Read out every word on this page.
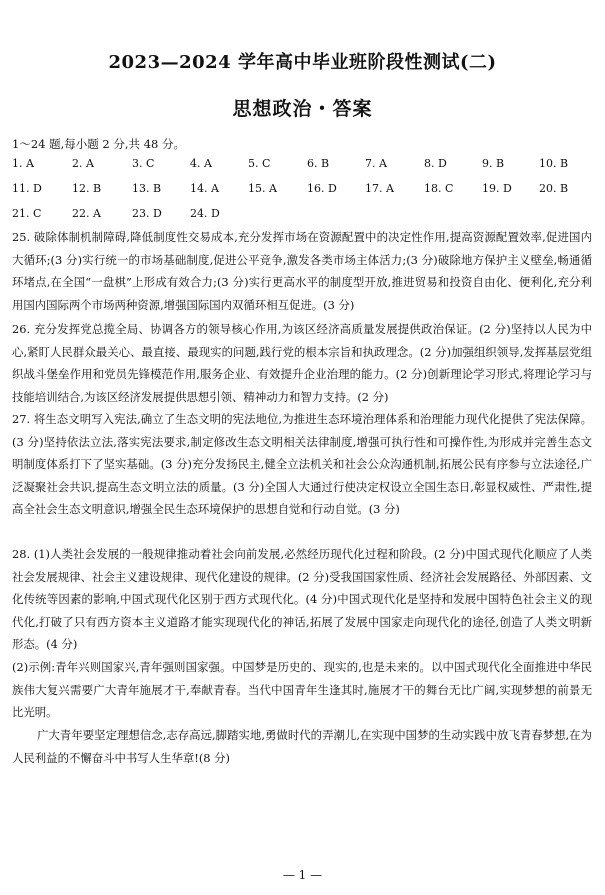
2023—2024 学年高中毕业班阶段性测试(二)
思想政治・答案
1～24 题,每小题 2 分,共 48 分。
1. A	2. A	3. C	4. A	5. C	6. B	7. A	8. D	9. B	10. B
11. D	12. B	13. B	14. A	15. A	16. D	17. A	18. C	19. D 20. B
21. C	22. A	23. D	24. D
25. 破除体制机制障碍,降低制度性交易成本,充分发挥市场在资源配置中的决定性作用,提高资源配置效率,促进国内大循环;(3 分)实行统一的市场基础制度,促进公平竞争,激发各类市场主体活力;(3 分)破除地方保护主义壁垒,畅通循环堵点,在全国“一盘棋”上形成有效合力;(3 分)实行更高水平的制度型开放,推进贸易和投资自由化、便利化,充分利用国内国际两个市场两种资源,增强国际国内双循环相互促进。(3 分)
26. 充分发挥党总揽全局、协调各方的领导核心作用,为该区经济高质量发展提供政治保证。(2 分)坚持以人民为中心,紧盯人民群众最关心、最直接、最现实的问题,践行党的根本宗旨和执政理念。(2 分)加强组织领导,发挥基层党组织战斗堡垒作用和党员先锋模范作用,服务企业、有效提升企业治理的能力。(2 分)创新理论学习形式,将理论学习与技能培训结合,为该区经济发展提供思想引领、精神动力和智力支持。(2 分)
27. 将生态文明写入宪法,确立了生态文明的宪法地位,为推进生态环境治理体系和治理能力现代化提供了宪法保障。(3 分)坚持依法立法,落实宪法要求,制定修改生态文明相关法律制度,增强可执行性和可操作性,为形成并完善生态文明制度体系打下了坚实基础。(3 分)充分发扬民主,健全立法机关和社会公众沟通机制,拓展公民有序参与立法途径,广泛凝聚社会共识,提高生态文明立法的质量。(3 分)全国人大通过行使决定权设立全国生态日,彰显权威性、严肃性,提高全社会生态文明意识,增强全民生态环境保护的思想自觉和行动自觉。(3 分)
28. (1)人类社会发展的一般规律推动着社会向前发展,必然经历现代化过程和阶段。(2 分)中国式现代化顺应了人类社会发展规律、社会主义建设规律、现代化建设的规律。(2 分)受我国国家性质、经济社会发展路径、外部因素、文化传统等因素的影响,中国式现代化区别于西方式现代化。(4 分)中国式现代化是坚持和发展中国特色社会主义的现代化,打破了只有西方资本主义道路才能实现现代化的神话,拓展了发展中国家走向现代化的途径,创造了人类文明新形态。(4 分)
(2)示例:青年兴则国家兴,青年强则国家强。中国梦是历史的、现实的,也是未来的。以中国式现代化全面推进中华民族伟大复兴需要广大青年施展才干,奉献青春。当代中国青年生逢其时,施展才干的舞台无比广阔,实现梦想的前景无比光明。
广大青年要坚定理想信念,志存高远,脚踏实地,勇做时代的弄潮儿,在实现中国梦的生动实践中放飞青春梦想,在为人民利益的不懈奋斗中书写人生华章!(8 分)
— 1 —
